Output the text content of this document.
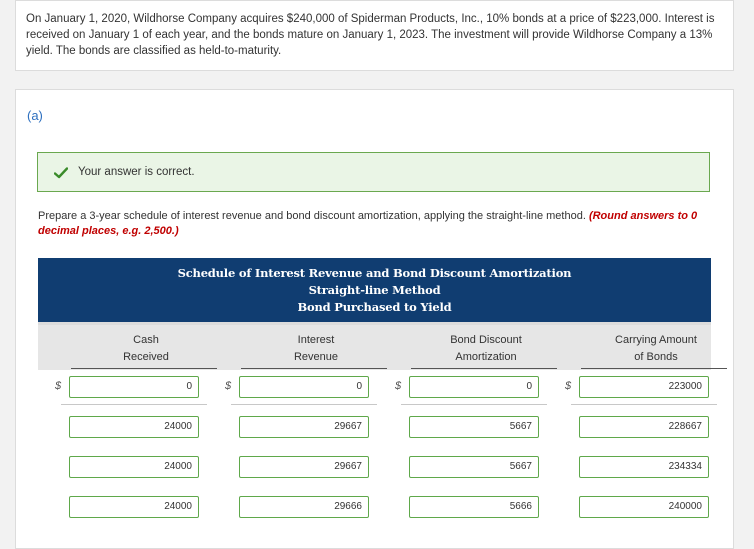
On January 1, 2020, Wildhorse Company acquires $240,000 of Spiderman Products, Inc., 10% bonds at a price of $223,000. Interest is received on January 1 of each year, and the bonds mature on January 1, 2023. The investment will provide Wildhorse Company a 13% yield. The bonds are classified as held-to-maturity.
(a)
Your answer is correct.
Prepare a 3-year schedule of interest revenue and bond discount amortization, applying the straight-line method. (Round answers to 0 decimal places, e.g. 2,500.)
Schedule of Interest Revenue and Bond Discount Amortization
Straight-line Method
Bond Purchased to Yield
Cash
Received
Interest
Revenue
Bond Discount
Amortization
Carrying Amount
of Bonds
$	0	$	0	$	0	$	223000
24000	29667	5667	228667
24000	29667	5667	234334
24000	29666	5666	240000
